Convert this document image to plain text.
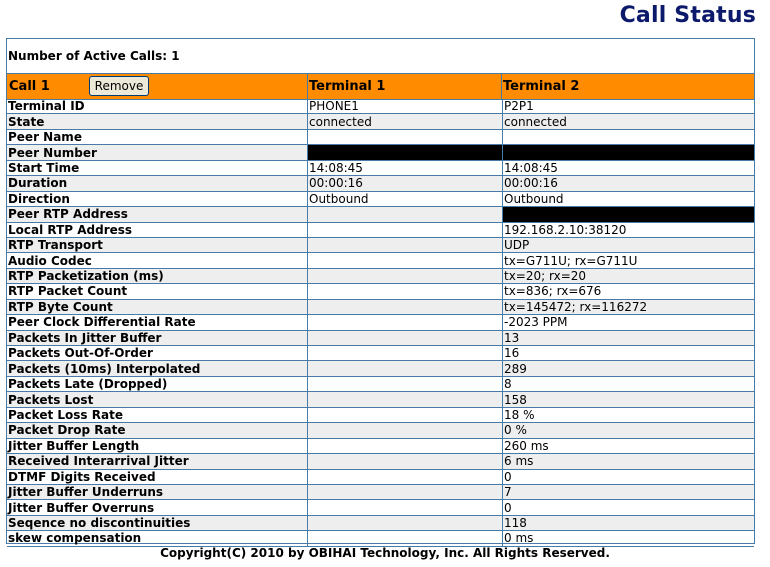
Call Status
Number of Active Calls: 1
Call 1	Remove	Terminal 1	Terminal 2
Terminal ID	PHONE1	P2P1
State	connected	connected
Peer Name		
Peer Number		
Start Time	14:08:45	14:08:45
Duration	00:00:16	00:00:16
Direction	Outbound	Outbound
Peer RTP Address		
Local RTP Address		192.168.2.10:38120
RTP Transport		UDP
Audio Codec		tx=G711U; rx=G711U
RTP Packetization (ms)		tx=20; rx=20
RTP Packet Count		tx=836; rx=676
RTP Byte Count		tx=145472; rx=116272
Peer Clock Differential Rate		-2023 PPM
Packets In Jitter Buffer		13
Packets Out-Of-Order		16
Packets (10ms) Interpolated		289
Packets Late (Dropped)		8
Packets Lost		158
Packet Loss Rate		18 %
Packet Drop Rate		0 %
Jitter Buffer Length		260 ms
Received Interarrival Jitter		6 ms
DTMF Digits Received		0
Jitter Buffer Underruns		7
Jitter Buffer Overruns		0
Seqence no discontinuities		118
skew compensation		0 ms
Copyright(C) 2010 by OBIHAI Technology, Inc. All Rights Reserved.
